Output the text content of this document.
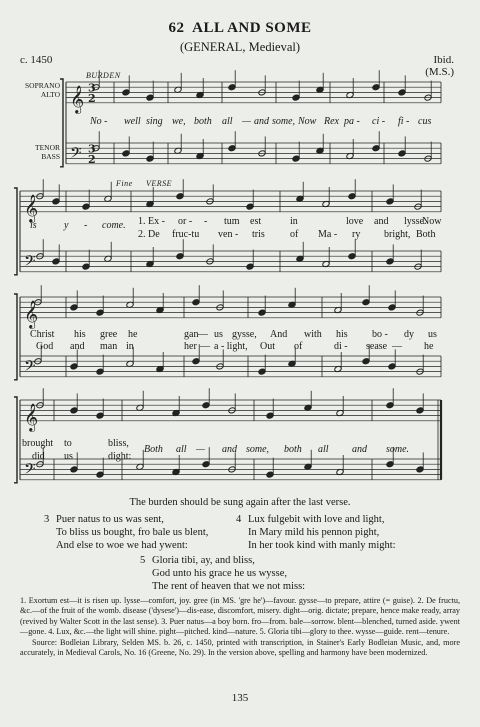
62 ALL AND SOME
(GENERAL, Medieval)
c. 1450	Ibid.
(M.S.)
BURDEN
SOPRANO
ALTO
TENOR
BASS
Fine VERSE
𝄞
𝄢
3
2
3
2
𝄞
𝄢
𝄞
𝄢
𝄞
𝄢
No - well sing we, both all — and some, Now Rex pa - ci - fi - cus
is	y - come. 1. Ex - or - - tum est	in	love and lysse.
Now
2. De fruc-tu ven - tris	of Ma - ry bright, Both
Christ his gree he	gan — us gysse, And with his bo - dy us
God and man in	her — a - light, Out of	di - sease — he
brought to	bliss,
did us	dight:
Both all — and some, both all and some.
The burden should be sung again after the last verse.
3 Puer natus to us was sent,
To bliss us bought, fro bale us blent,
And else to woe we had ywent:
4 Lux fulgebit with love and light,
In Mary mild his pennon pight,
In her took kind with manly might:
5 Gloria tibi, ay, and bliss,
God unto his grace he us wysse,
The rent of heaven that we not miss:
1. Exortum est—it is risen up. lysse—comfort, joy. gree (in MS. 'gre he')—favour. gysse—to prepare, attire (= guise). 2. De fructu, &c.—of the fruit of the womb. disease ('dysese')—dis-ease, discomfort, misery. dight—orig. dictate; prepare, hence make ready, array (revived by Walter Scott in the last sense). 3. Puer natus—a boy born. fro—from. bale—sorrow. blent—blenched, turned aside. ywent—gone. 4. Lux, &c.—the light will shine. pight—pitched. kind—nature. 5. Gloria tibi—glory to thee. wysse—guide. rent—tenure.
Source: Bodleian Library, Selden MS. b. 26, c. 1450, printed with transcription, in Stainer's Early Bodleian Music, and, more accurately, in Medieval Carols, No. 16 (Greene, No. 29). In the version above, spelling and harmony have been modernized.
135
